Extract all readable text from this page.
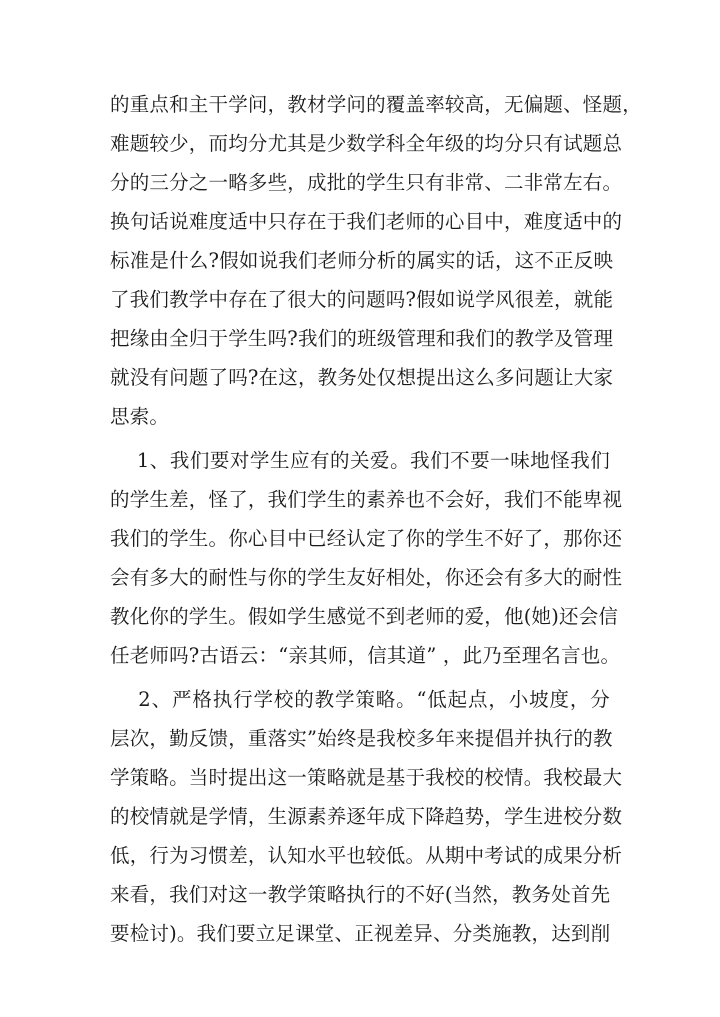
的重点和主干学问，教材学问的覆盖率较高，无偏题、怪题，
难题较少，而均分尤其是少数学科全年级的均分只有试题总
分的三分之一略多些，成批的学生只有非常、二非常左右。
换句话说难度适中只存在于我们老师的心目中，难度适中的
标准是什么?假如说我们老师分析的属实的话，这不正反映
了我们教学中存在了很大的问题吗?假如说学风很差，就能
把缘由全归于学生吗?我们的班级管理和我们的教学及管理
就没有问题了吗?在这，教务处仅想提出这么多问题让大家
思索。
1、我们要对学生应有的关爱。我们不要一味地怪我们
的学生差，怪了，我们学生的素养也不会好，我们不能卑视
我们的学生。你心目中已经认定了你的学生不好了，那你还
会有多大的耐性与你的学生友好相处，你还会有多大的耐性
教化你的学生。假如学生感觉不到老师的爱，他(她)还会信
任老师吗?古语云：“亲其师，信其道” ，此乃至理名言也。
2、严格执行学校的教学策略。“低起点，小坡度，分
层次，勤反馈，重落实”始终是我校多年来提倡并执行的教
学策略。当时提出这一策略就是基于我校的校情。我校最大
的校情就是学情，生源素养逐年成下降趋势，学生进校分数
低，行为习惯差，认知水平也较低。从期中考试的成果分析
来看，我们对这一教学策略执行的不好(当然，教务处首先
要检讨)。我们要立足课堂、正视差异、分类施教，达到削
